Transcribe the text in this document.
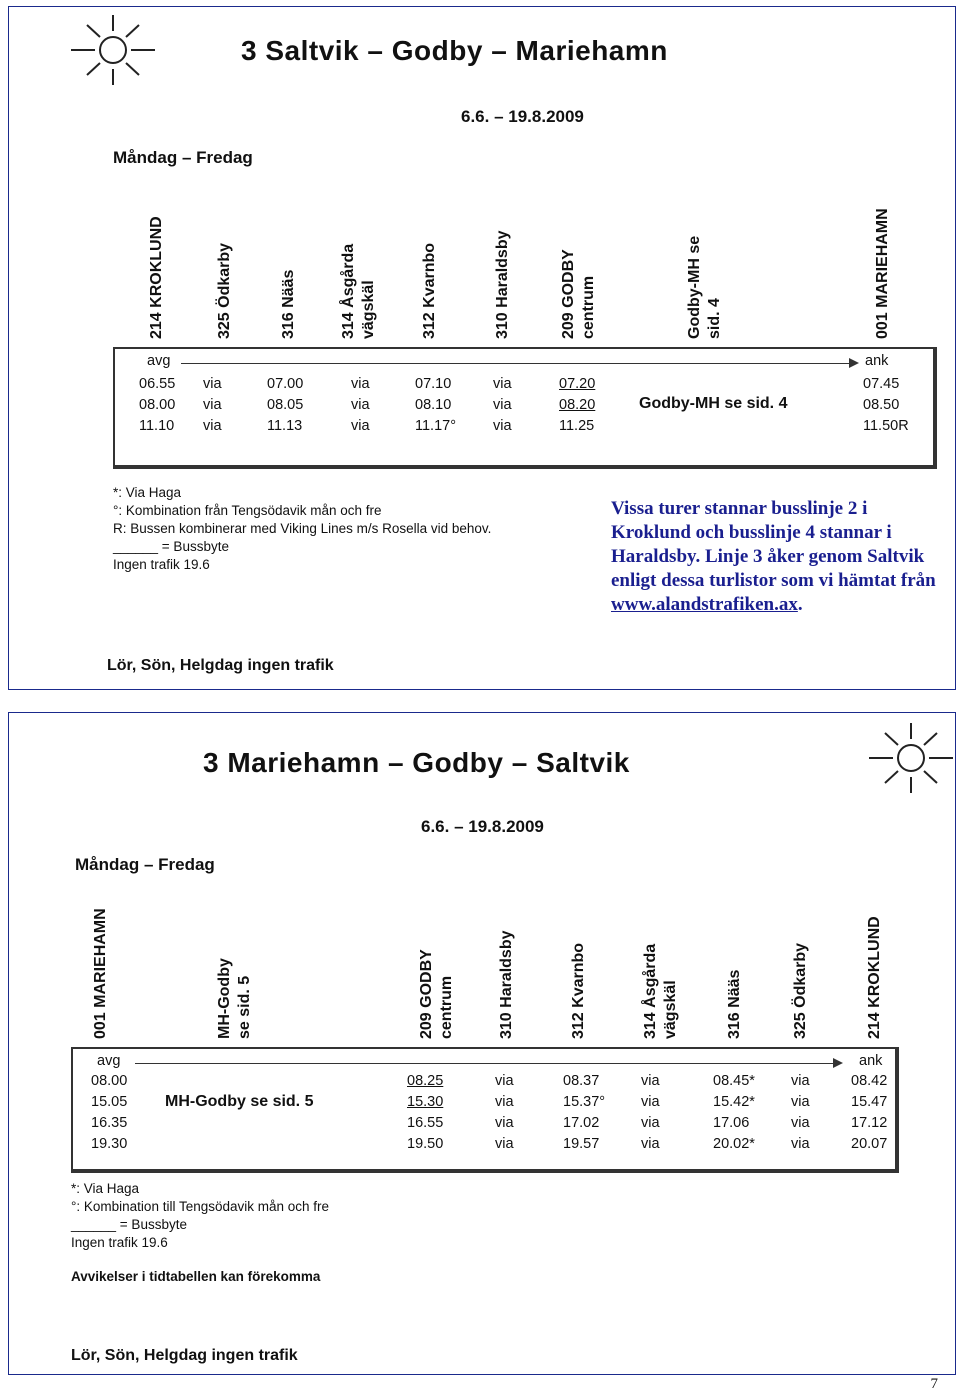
3 Saltvik – Godby – Mariehamn
6.6. – 19.8.2009
Måndag – Fredag
214 KROKLUND	325 Ödkarby	316 Nääs	314 Åsgårda
vägskäl	312 Kvarnbo	310 Haraldsby	209 GODBY
centrum	Godby-MH se
sid. 4	001 MARIEHAMN
avg	ank
06.55 via	07.00	via	07.10	via	07.20	07.45
08.00 via	08.05	via	08.10	via	08.20	08.50
11.10 via	11.13	via	11.17°	via	11.25	11.50R
Godby-MH se sid. 4
*: Via Haga
°: Kombination från Tengsödavik mån och fre
R: Bussen kombinerar med Viking Lines m/s Rosella vid behov.
______ = Bussbyte
Ingen trafik 19.6
Lör, Sön, Helgdag ingen trafik
Vissa turer stannar busslinje 2 i Kroklund och busslinje 4 stannar i Haraldsby. Linje 3 åker genom Saltvik enligt dessa turlistor som vi hämtat från www.alandstrafiken.ax.
3 Mariehamn – Godby – Saltvik
6.6. – 19.8.2009
Måndag – Fredag
001 MARIEHAMN	MH-Godby
se sid. 5
209 GODBY
centrum	310 Haraldsby	312 Kvarnbo	314 Åsgårda
vägskäl	316 Nääs	325 Ödkarby	214 KROKLUND
avg	ank
08.00	08.25	via	08.37	via	08.45* via	08.42
15.05	15.30	via	15.37° via	15.42* via	15.47
16.35	16.55	via	17.02	via	17.06	via	17.12
19.30	19.50	via	19.57	via	20.02* via	20.07
MH-Godby se sid. 5
*: Via Haga
°: Kombination till Tengsödavik mån och fre
______ = Bussbyte
Ingen trafik 19.6
Avvikelser i tidtabellen kan förekomma
Lör, Sön, Helgdag ingen trafik
7
